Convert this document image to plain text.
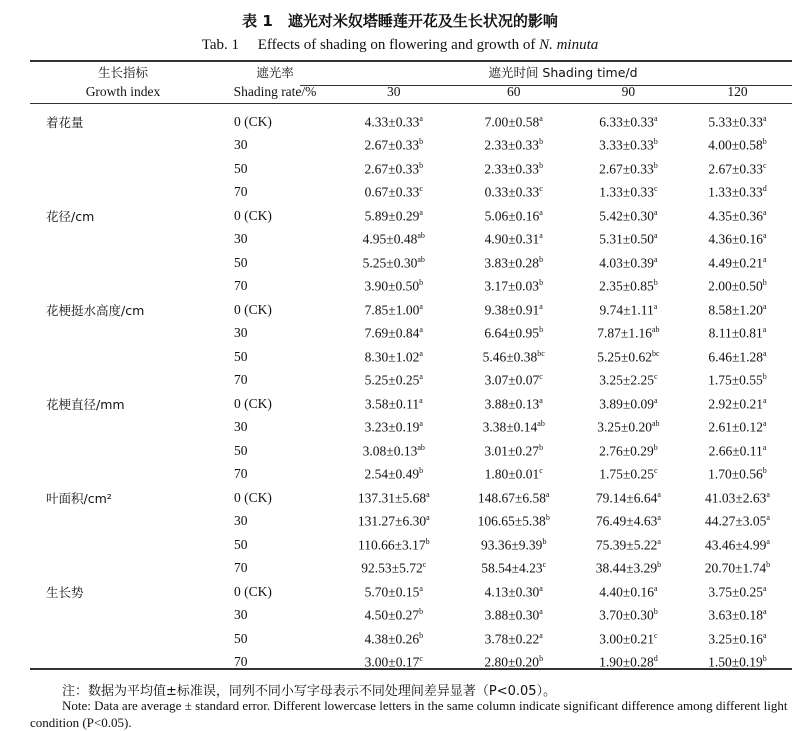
表 1　遮光对米奴塔睡莲开花及生长状况的影响
Tab. 1　 Effects of shading on flowering and growth of N. minuta
生长指标	遮光率	遮光时间 Shading time/d			
Growth index	Shading rate/%	30	60	90	120

着花量	0 (CK)	4.33±0.33$^a$	7.00±0.58$^a$	6.33±0.33$^a$	5.33±0.33$^a$
	30	2.67±0.33$^b$	2.33±0.33$^b$	3.33±0.33$^b$	4.00±0.58$^b$
	50	2.67±0.33$^b$	2.33±0.33$^b$	2.67±0.33$^b$	2.67±0.33$^c$
	70	0.67±0.33$^c$	0.33±0.33$^c$	1.33±0.33$^c$	1.33±0.33$^d$
花径/cm	0 (CK)	5.89±0.29$^a$	5.06±0.16$^a$	5.42±0.30$^a$	4.35±0.36$^a$
	30	4.95±0.48$^{ab}$	4.90±0.31$^a$	5.31±0.50$^a$	4.36±0.16$^a$
	50	5.25±0.30$^{ab}$	3.83±0.28$^b$	4.03±0.39$^a$	4.49±0.21$^a$
	70	3.90±0.50$^b$	3.17±0.03$^b$	2.35±0.85$^b$	2.00±0.50$^b$
花梗挺水高度/cm	0 (CK)	7.85±1.00$^a$	9.38±0.91$^a$	9.74±1.11$^a$	8.58±1.20$^a$
	30	7.69±0.84$^a$	6.64±0.95$^b$	7.87±1.16$^{ab}$	8.11±0.81$^a$
	50	8.30±1.02$^a$	5.46±0.38$^{bc}$	5.25±0.62$^{bc}$	6.46±1.28$^a$
	70	5.25±0.25$^a$	3.07±0.07$^c$	3.25±2.25$^c$	1.75±0.55$^b$
花梗直径/mm	0 (CK)	3.58±0.11$^a$	3.88±0.13$^a$	3.89±0.09$^a$	2.92±0.21$^a$
	30	3.23±0.19$^a$	3.38±0.14$^{ab}$	3.25±0.20$^{ab}$	2.61±0.12$^a$
	50	3.08±0.13$^{ab}$	3.01±0.27$^b$	2.76±0.29$^b$	2.66±0.11$^a$
	70	2.54±0.49$^b$	1.80±0.01$^c$	1.75±0.25$^c$	1.70±0.56$^b$
叶面积/cm²	0 (CK)	137.31±5.68$^a$	148.67±6.58$^a$	79.14±6.64$^a$	41.03±2.63$^a$
	30	131.27±6.30$^a$	106.65±5.38$^b$	76.49±4.63$^a$	44.27±3.05$^a$
	50	110.66±3.17$^b$	93.36±9.39$^b$	75.39±5.22$^a$	43.46±4.99$^a$
	70	92.53±5.72$^c$	58.54±4.23$^c$	38.44±3.29$^b$	20.70±1.74$^b$
生长势	0 (CK)	5.70±0.15$^a$	4.13±0.30$^a$	4.40±0.16$^a$	3.75±0.25$^a$
	30	4.50±0.27$^b$	3.88±0.30$^a$	3.70±0.30$^b$	3.63±0.18$^a$
	50	4.38±0.26$^b$	3.78±0.22$^a$	3.00±0.21$^c$	3.25±0.16$^a$
	70	3.00±0.17$^c$	2.80±0.20$^b$	1.90±0.28$^d$	1.50±0.19$^b$
注：数据为平均值±标准误，同列不同小写字母表示不同处理间差异显著（P<0.05）。
Note: Data are average ± standard error. Different lowercase letters in the same column indicate significant difference among different light condition (P<0.05).
